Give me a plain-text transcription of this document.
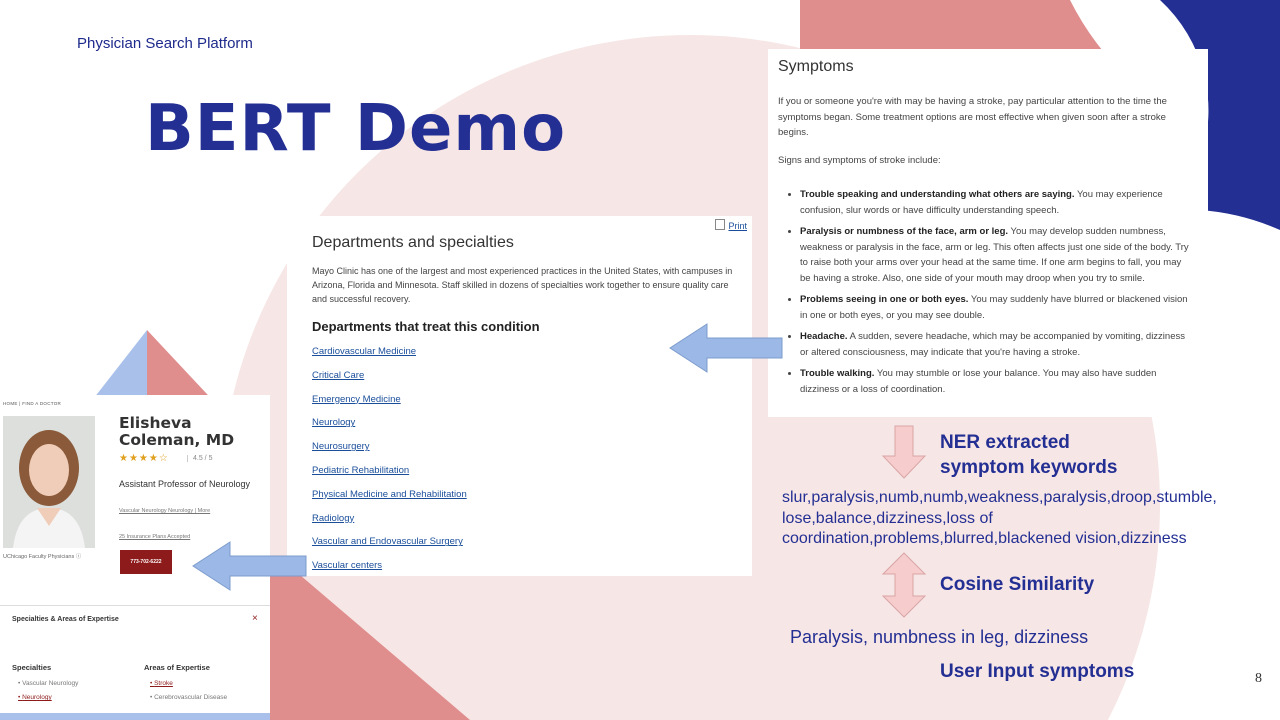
Physician Search Platform
BERT Demo
Print
Departments and specialties
Mayo Clinic has one of the largest and most experienced practices in the United States, with campuses in Arizona, Florida and Minnesota. Staff skilled in dozens of specialties work together to ensure quality care and successful recovery.
Departments that treat this condition
Cardiovascular Medicine
Critical Care
Emergency Medicine
Neurology
Neurosurgery
Pediatric Rehabilitation
Physical Medicine and Rehabilitation
Radiology
Vascular and Endovascular Surgery
Vascular centers
Symptoms
If you or someone you're with may be having a stroke, pay particular attention to the time the symptoms began. Some treatment options are most effective when given soon after a stroke begins.
Signs and symptoms of stroke include:
• Trouble speaking and understanding what others are saying. You may experience confusion, slur words or have difficulty understanding speech.
• Paralysis or numbness of the face, arm or leg. You may develop sudden numbness, weakness or paralysis in the face, arm or leg. This often affects just one side of the body. Try to raise both your arms over your head at the same time. If one arm begins to fall, you may be having a stroke. Also, one side of your mouth may droop when you try to smile.
• Problems seeing in one or both eyes. You may suddenly have blurred or blackened vision in one or both eyes, or you may see double.
• Headache. A sudden, severe headache, which may be accompanied by vomiting, dizziness or altered consciousness, may indicate that you're having a stroke.
• Trouble walking. You may stumble or lose your balance. You may also have sudden dizziness or a loss of coordination.
HOME | FIND A DOCTOR
Elisheva Coleman, MD
★★★★☆	4.5 / 5
Assistant Professor of Neurology
Vascular Neurology Neurology | More
25 Insurance Plans Accepted
UChicago Faculty Physicians ⓘ
773-702-6222
Specialties & Areas of Expertise	×
Specialties	Areas of Expertise
• Vascular Neurology
• Neurology
• Stroke
• Cerebrovascular Disease
NER extracted
symptom keywords
slur,paralysis,numb,numb,weakness,paralysis,droop,stumble, lose,balance,dizziness,loss of coordination,problems,blurred,blackened vision,dizziness
Cosine Similarity
Paralysis, numbness in leg, dizziness
User Input symptoms	8
